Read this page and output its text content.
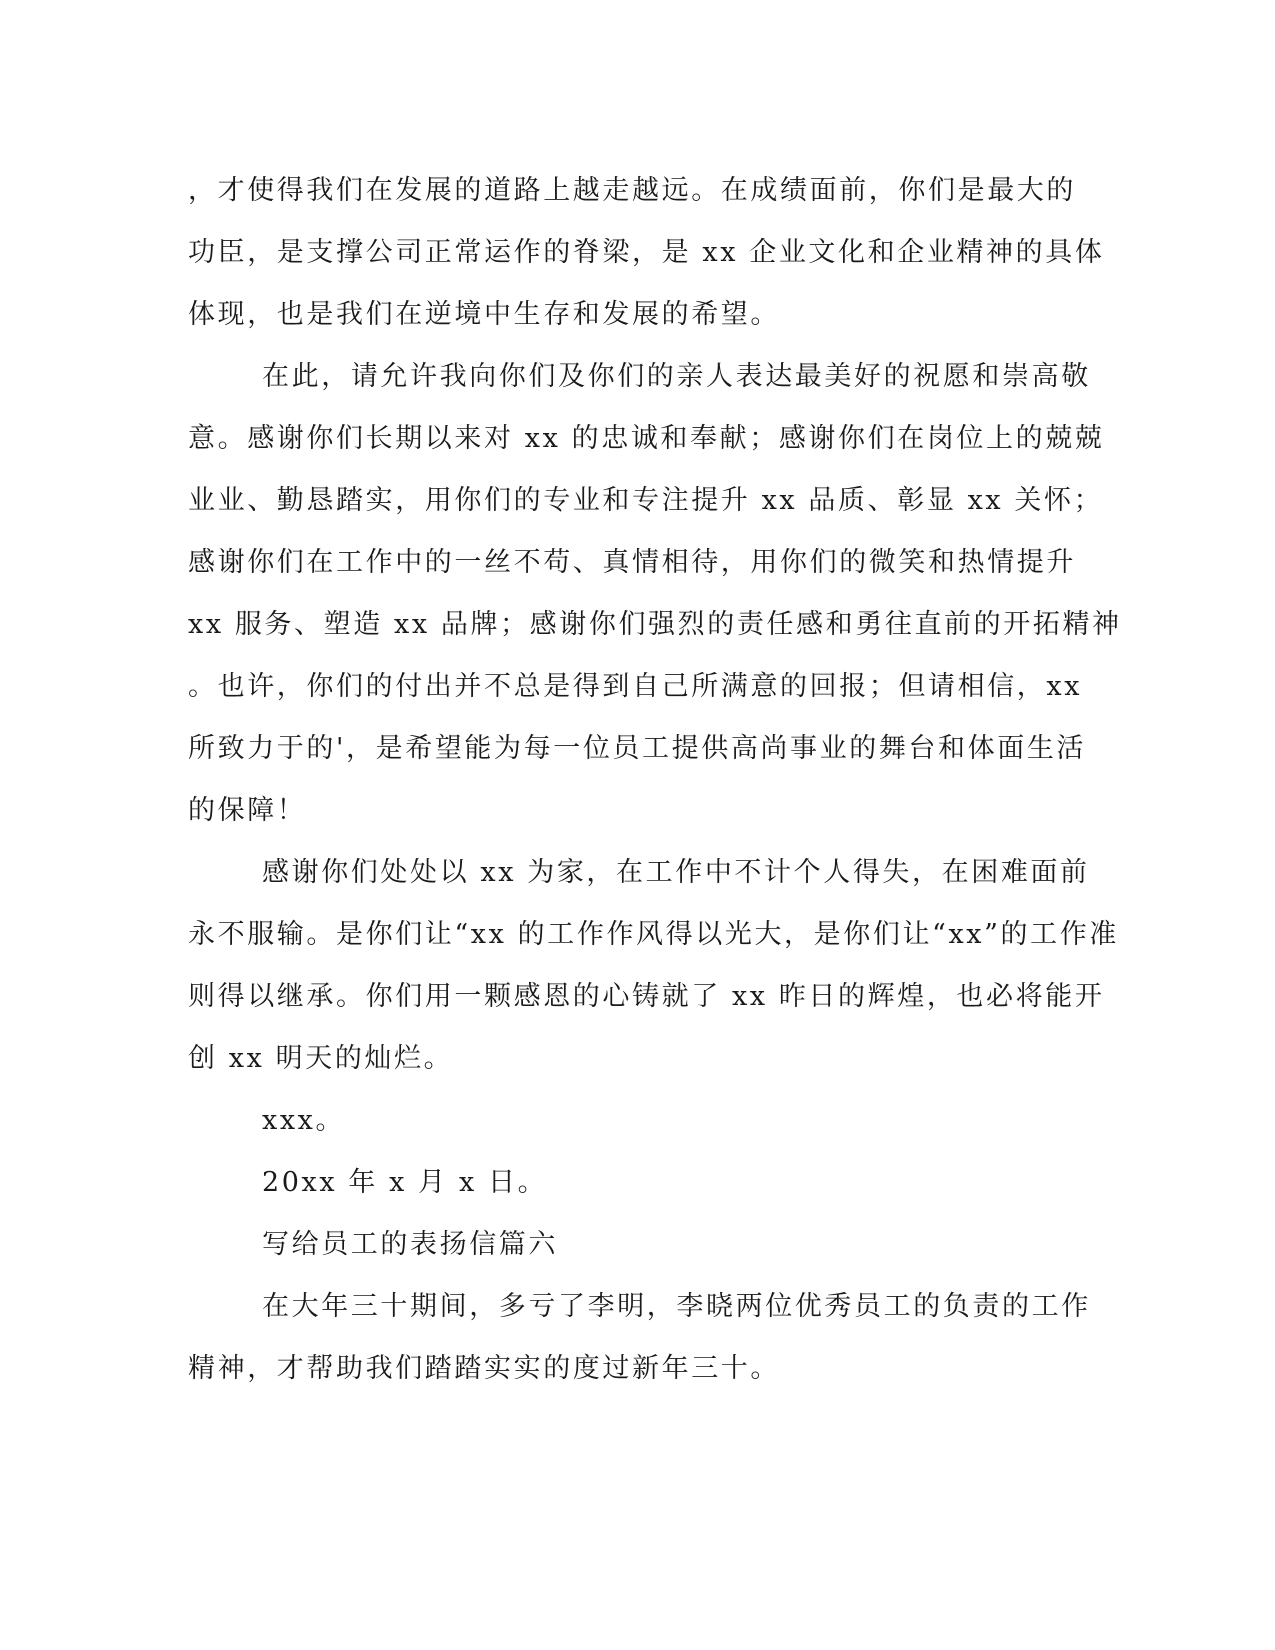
，才使得我们在发展的道路上越走越远。在成绩面前，你们是最大的
功臣，是支撑公司正常运作的脊梁，是 xx 企业文化和企业精神的具体
体现，也是我们在逆境中生存和发展的希望。
在此，请允许我向你们及你们的亲人表达最美好的祝愿和崇高敬
意。感谢你们长期以来对 xx 的忠诚和奉献；感谢你们在岗位上的兢兢
业业、勤恳踏实，用你们的专业和专注提升 xx 品质、彰显 xx 关怀；
感谢你们在工作中的一丝不苟、真情相待，用你们的微笑和热情提升
xx 服务、塑造 xx 品牌；感谢你们强烈的责任感和勇往直前的开拓精神
。也许，你们的付出并不总是得到自己所满意的回报；但请相信，xx
所致力于的'，是希望能为每一位员工提供高尚事业的舞台和体面生活
的保障！
感谢你们处处以 xx 为家，在工作中不计个人得失，在困难面前
永不服输。是你们让“xx 的工作作风得以光大，是你们让“xx”的工作准
则得以继承。你们用一颗感恩的心铸就了 xx 昨日的辉煌，也必将能开
创 xx 明天的灿烂。
xxx。
20xx 年 x 月 x 日。
写给员工的表扬信篇六
在大年三十期间，多亏了李明，李晓两位优秀员工的负责的工作
精神，才帮助我们踏踏实实的度过新年三十。
